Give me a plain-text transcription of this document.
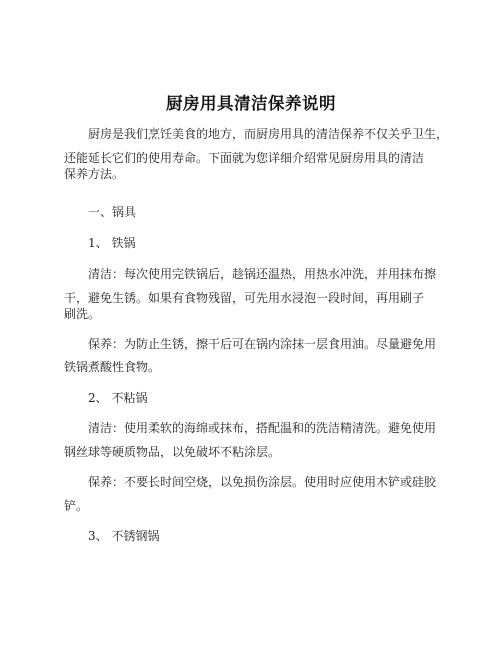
厨房用具清洁保养说明

厨房是我们烹饪美食的地方，而厨房用具的清洁保养不仅关乎卫生，

还能延长它们的使用寿命。下面就为您详细介绍常见厨房用具的清洁

保养方法。

一、锅具

1、 铁锅

清洁：每次使用完铁锅后，趁锅还温热，用热水冲洗，并用抹布擦

干，避免生锈。如果有食物残留，可先用水浸泡一段时间，再用刷子

刷洗。

保养：为防止生锈，擦干后可在锅内涂抹一层食用油。尽量避免用

铁锅煮酸性食物。

2、 不粘锅

清洁：使用柔软的海绵或抹布，搭配温和的洗洁精清洗。避免使用

钢丝球等硬质物品，以免破坏不粘涂层。

保养：不要长时间空烧，以免损伤涂层。使用时应使用木铲或硅胶

铲。

3、 不锈钢锅
